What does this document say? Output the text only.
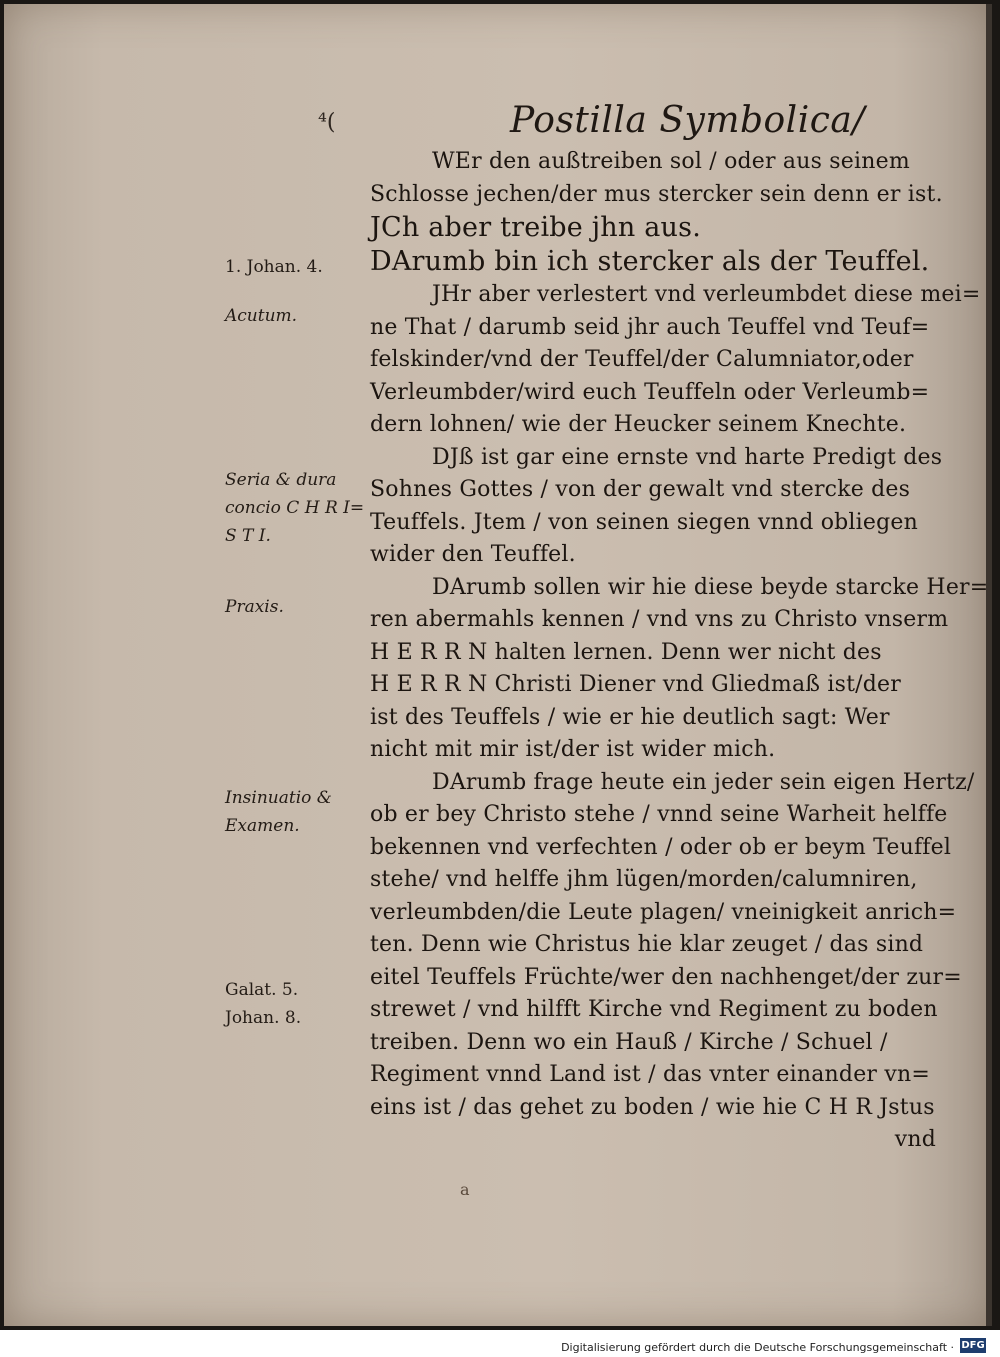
⁴(	Postilla Symbolica/
WEr den außtreiben sol / oder aus seinem
Schlosse jechen/der mus stercker sein denn er ist.
JCh aber treibe jhn aus.
DArumb bin ich stercker als der Teuffel.
JHr aber verlestert vnd verleumbdet diese mei=
ne That / darumb seid jhr auch Teuffel vnd Teuf=
felskinder/vnd der Teuffel/der Calumniator,oder
Verleumbder/wird euch Teuffeln oder Verleumb=
dern lohnen/ wie der Heucker seinem Knechte.
DJß ist gar eine ernste vnd harte Predigt des
Sohnes Gottes / von der gewalt vnd stercke des
Teuffels. Jtem / von seinen siegen vnnd obliegen
wider den Teuffel.
DArumb sollen wir hie diese beyde starcke Her=
ren abermahls kennen / vnd vns zu Christo vnserm
H E R R N halten lernen. Denn wer nicht des
H E R R N Christi Diener vnd Gliedmaß ist/der
ist des Teuffels / wie er hie deutlich sagt: Wer
nicht mit mir ist/der ist wider mich.
DArumb frage heute ein jeder sein eigen Hertz/
ob er bey Christo stehe / vnnd seine Warheit helffe
bekennen vnd verfechten / oder ob er beym Teuffel
stehe/ vnd helffe jhm lügen/morden/calumniren,
verleumbden/die Leute plagen/ vneinigkeit anrich=
ten. Denn wie Christus hie klar zeuget / das sind
eitel Teuffels Früchte/wer den nachhenget/der zur=
strewet / vnd hilfft Kirche vnd Regiment zu boden
treiben. Denn wo ein Hauß / Kirche / Schuel /
Regiment vnnd Land ist / das vnter einander vn=
eins ist / das gehet zu boden / wie hie C H R Jstus
vnd
1. Johan. 4.
Acutum.
Seria & dura
concio C H R I=
S T I.
Praxis.
Insinuatio &
Examen.
Galat. 5.
Johan. 8.
a
Digitalisierung gefördert durch die Deutsche Forschungsgemeinschaft · DFG
